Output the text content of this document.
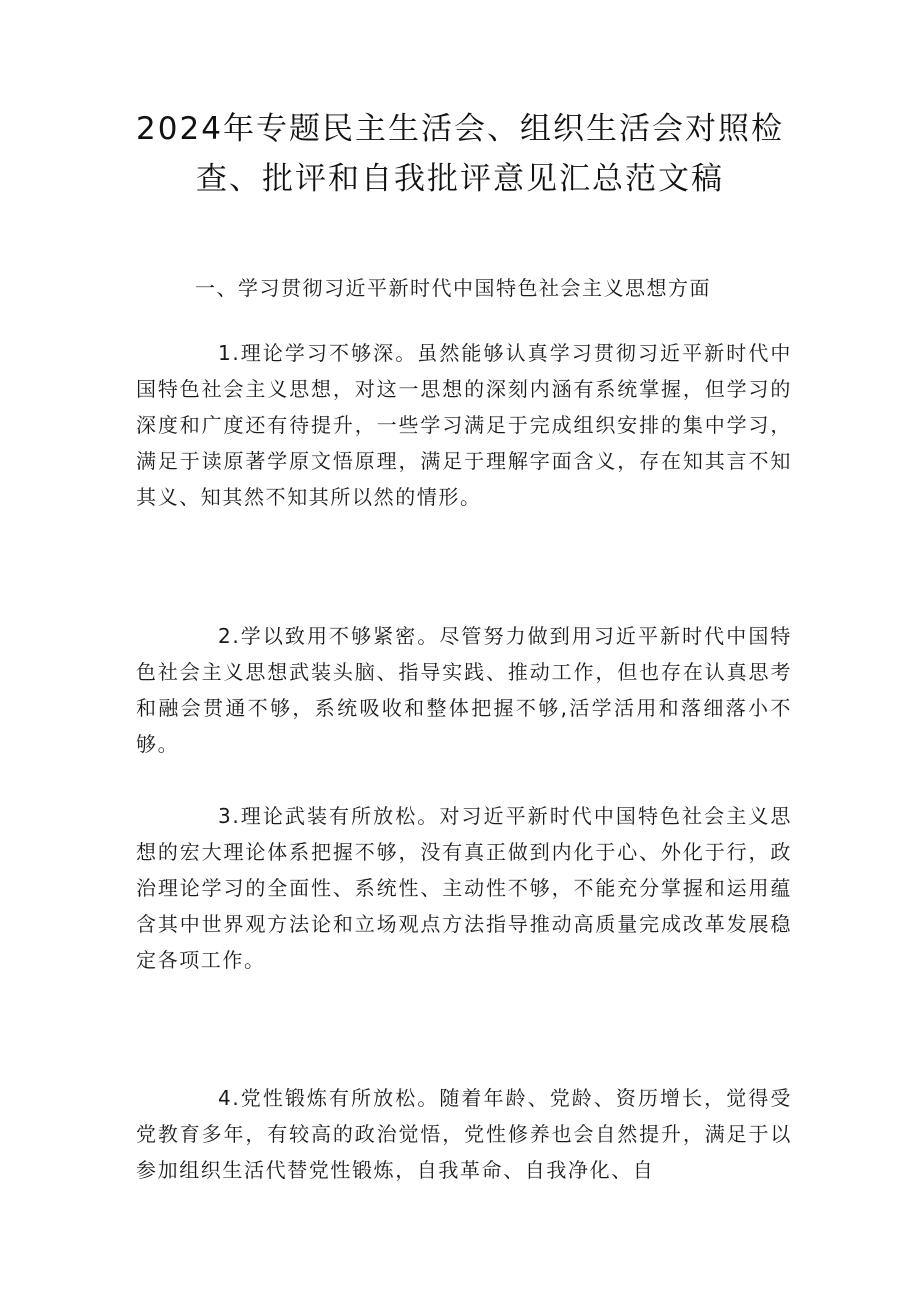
2024年专题民主生活会、组织生活会对照检查、批评和自我批评意见汇总范文稿

一、学习贯彻习近平新时代中国特色社会主义思想方面

1.理论学习不够深。虽然能够认真学习贯彻习近平新时代中国特色社会主义思想，对这一思想的深刻内涵有系统掌握，但学习的深度和广度还有待提升，一些学习满足于完成组织安排的集中学习，满足于读原著学原文悟原理，满足于理解字面含义，存在知其言不知其义、知其然不知其所以然的情形。

2.学以致用不够紧密。尽管努力做到用习近平新时代中国特色社会主义思想武装头脑、指导实践、推动工作，但也存在认真思考和融会贯通不够，系统吸收和整体把握不够,活学活用和落细落小不够。

3.理论武装有所放松。对习近平新时代中国特色社会主义思想的宏大理论体系把握不够，没有真正做到内化于心、外化于行，政治理论学习的全面性、系统性、主动性不够，不能充分掌握和运用蕴含其中世界观方法论和立场观点方法指导推动高质量完成改革发展稳定各项工作。

4.党性锻炼有所放松。随着年龄、党龄、资历增长，觉得受党教育多年，有较高的政治觉悟，党性修养也会自然提升，满足于以参加组织生活代替党性锻炼，自我革命、自我净化、自
